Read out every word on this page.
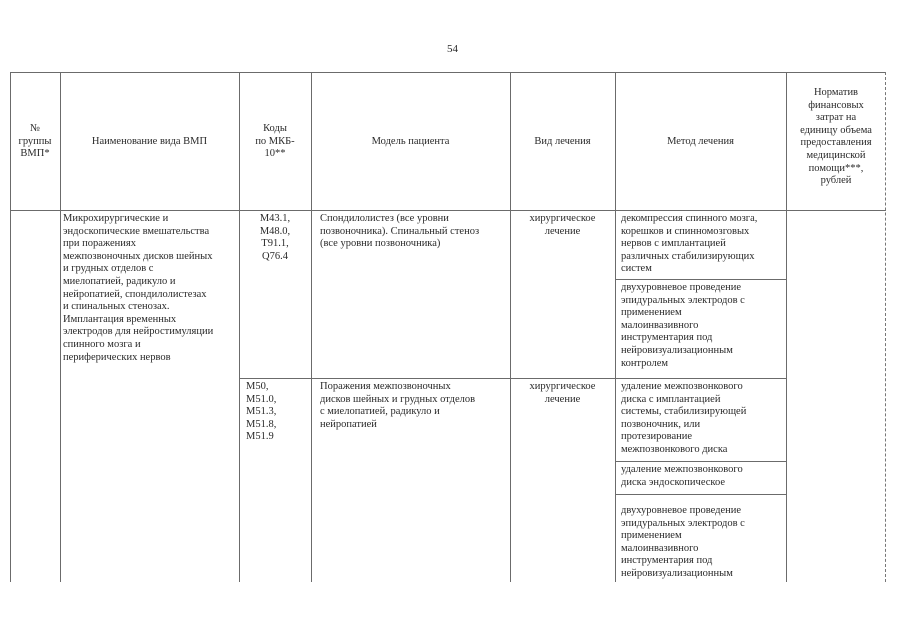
54
№
группы
ВМП*
Наименование вида ВМП
Коды
по МКБ-
10**
Модель пациента	Вид лечения	Метод лечения
Норматив
финансовых
затрат на
единицу объема
предоставления
медицинской
помощи***,
рублей
Микрохирургические и
эндоскопические вмешательства
при поражениях
межпозвоночных дисков шейных
и грудных отделов с
миелопатией, радикуло и
нейропатией, спондилолистезах
и спинальных стенозах.
Имплантация временных
электродов для нейростимуляции
спинного мозга и
периферических нервов
M43.1,
M48.0,
T91.1,
Q76.4
Спондилолистез (все уровни
позвоночника). Спинальный стеноз
(все уровни позвоночника)
хирургическое
лечение
декомпрессия спинного мозга,
корешков и спинномозговых
нервов с имплантацией
различных стабилизирующих
систем
двухуровневое проведение
эпидуральных электродов с
применением
малоинвазивного
инструментария под
нейровизуализационным
контролем
M50,
M51.0,
M51.3,
M51.8,
M51.9
Поражения межпозвоночных
дисков шейных и грудных отделов
с миелопатией, радикуло и
нейропатией
хирургическое
лечение
удаление межпозвонкового
диска с имплантацией
системы, стабилизирующей
позвоночник, или
протезирование
межпозвонкового диска
удаление межпозвонкового
диска эндоскопическое
двухуровневое проведение
эпидуральных электродов с
применением
малоинвазивного
инструментария под
нейровизуализационным
